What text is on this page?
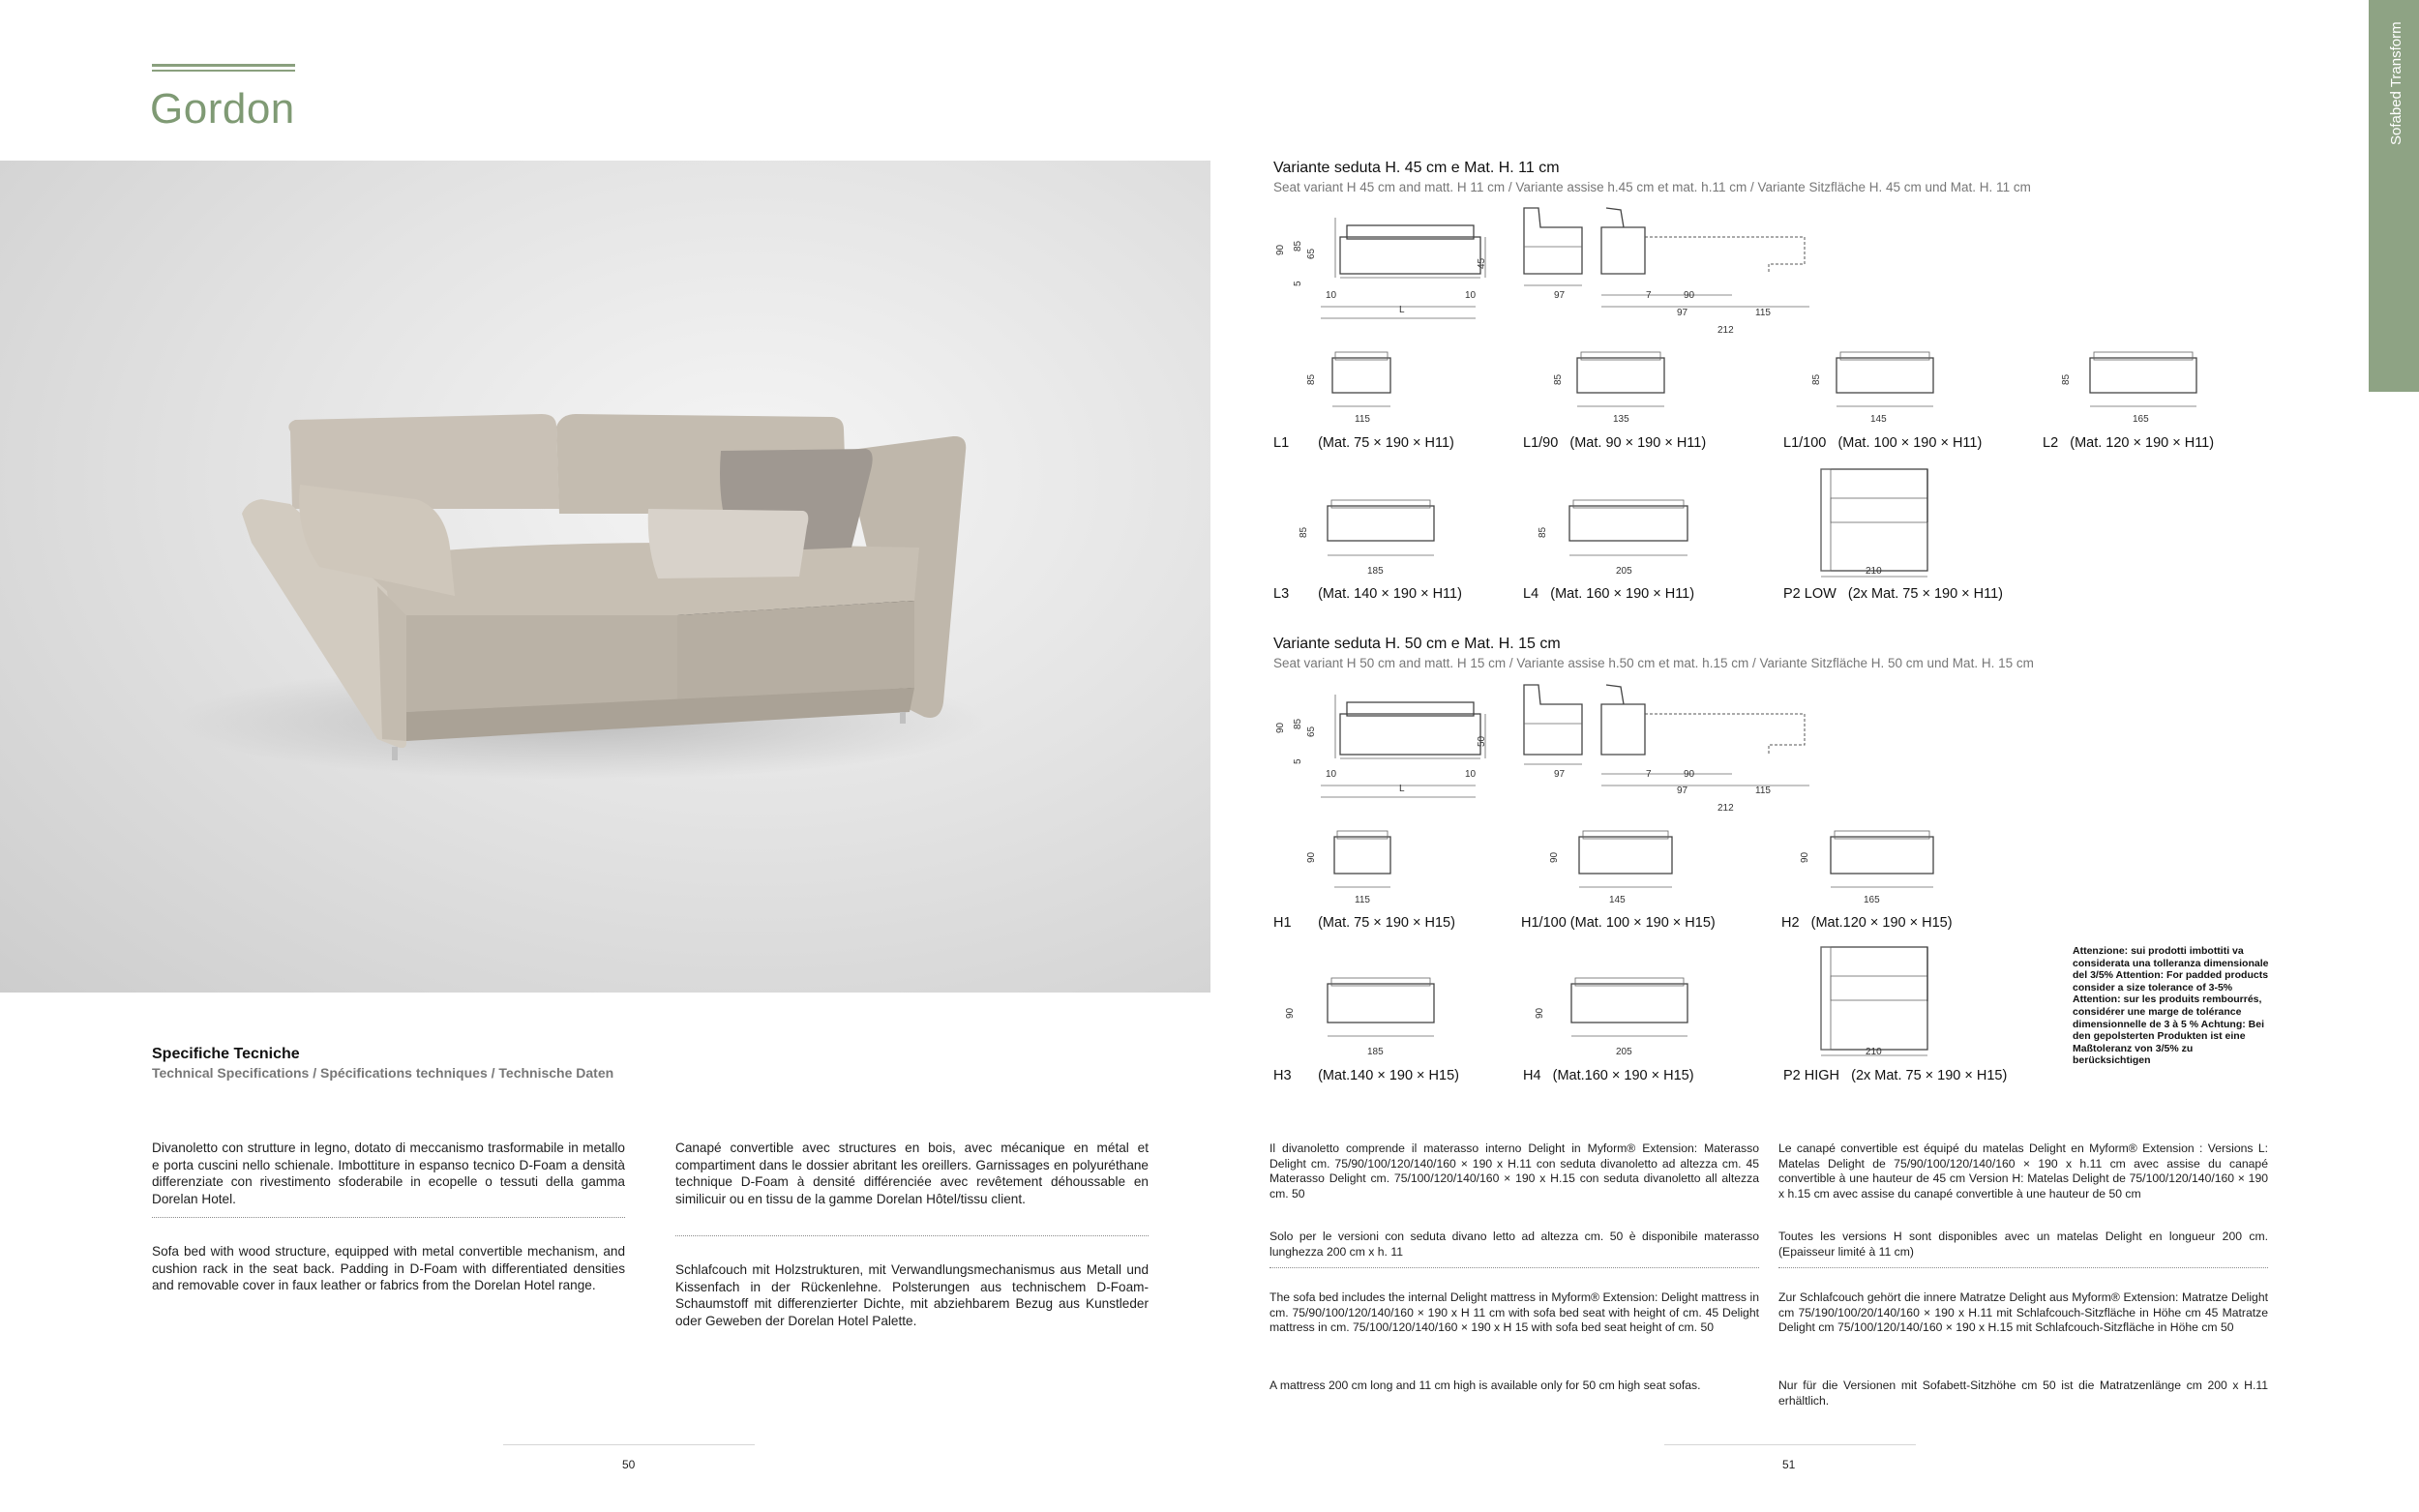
Gordon
Specifiche Tecniche
Technical Specifications / Spécifications techniques / Technische Daten
Divanoletto con strutture in legno, dotato di meccanismo trasformabile in metallo e porta cuscini nello schienale. Imbottiture in espanso tecnico D-Foam a densità differenziate con rivestimento sfoderabile in ecopelle o tessuti della gamma Dorelan Hotel.
Sofa bed with wood structure, equipped with metal convertible mechanism, and cushion rack in the seat back. Padding in D-Foam with differentiated densities and removable cover in faux leather or fabrics from the Dorelan Hotel range.
Canapé convertible avec structures en bois, avec mécanique en métal et compartiment dans le dossier abritant les oreillers. Garnissages en polyuréthane technique D-Foam à densité différenciée avec revêtement déhoussable en similicuir ou en tissu de la gamme Dorelan Hôtel/tissu client.
Schlafcouch mit Holzstrukturen, mit Verwandlungsmechanismus aus Metall und Kissenfach in der Rückenlehne. Polsterungen aus technischem D-Foam-Schaumstoff mit differenzierter Dichte, mit abziehbarem Bezug aus Kunstleder oder Geweben der Dorelan Hotel Palette.
50
Sofabed Transform
Variante seduta H. 45 cm e Mat. H. 11 cm
Seat variant H 45 cm and matt. H 11 cm / Variante assise h.45 cm et mat. h.11 cm / Variante Sitzfläche H. 45 cm und Mat. H. 11 cm
90 85
65
5
45
10	10
L
97	7	90
97	115
212
85
115
85
135
85
145
85
165
L1 (Mat. 75 × 190 × H11)	L1/90 (Mat. 90 × 190 × H11)	L1/100 (Mat. 100 × 190 × H11)	L2 (Mat. 120 × 190 × H11)
85
185
85
205	210
L3 (Mat. 140 × 190 × H11)	L4 (Mat. 160 × 190 × H11)	P2 LOW (2x Mat. 75 × 190 × H11)
Variante seduta H. 50 cm e Mat. H. 15 cm
Seat variant H 50 cm and matt. H 15 cm / Variante assise h.50 cm et mat. h.15 cm / Variante Sitzfläche H. 50 cm und Mat. H. 15 cm
90 85
65
5
50
10	10
L
97	7	90
97	115
212
90
115
90
145
90
165
H1 (Mat. 75 × 190 × H15)	H1/100 (Mat. 100 × 190 × H15)	H2 (Mat.120 × 190 × H15)
90
185
90
205	210
H3 (Mat.140 × 190 × H15)	H4 (Mat.160 × 190 × H15)	P2 HIGH (2x Mat. 75 × 190 × H15)
Attenzione: sui prodotti imbottiti va considerata una tolleranza dimensionale del 3/5% Attention: For padded products consider a size tolerance of 3-5% Attention: sur les produits rembourrés, considérer une marge de tolérance dimensionnelle de 3 à 5 % Achtung: Bei den gepolsterten Produkten ist eine Maßtoleranz von 3/5% zu berücksichtigen
Il divanoletto comprende il materasso interno Delight in Myform® Extension: Materasso Delight cm. 75/90/100/120/140/160 × 190 x H.11 con seduta divanoletto ad altezza cm. 45 Materasso Delight cm. 75/100/120/140/160 × 190 x H.15 con seduta divanoletto all altezza cm. 50
Solo per le versioni con seduta divano letto ad altezza cm. 50 è disponibile materasso lunghezza 200 cm x h. 11
The sofa bed includes the internal Delight mattress in Myform® Extension: Delight mattress in cm. 75/90/100/120/140/160 × 190 x H 11 cm with sofa bed seat with height of cm. 45 Delight mattress in cm. 75/100/120/140/160 × 190 x H 15 with sofa bed seat height of cm. 50
A mattress 200 cm long and 11 cm high is available only for 50 cm high seat sofas.
Le canapé convertible est équipé du matelas Delight en Myform® Extension : Versions L: Matelas Delight de 75/90/100/120/140/160 × 190 x h.11 cm avec assise du canapé convertible à une hauteur de 45 cm Version H: Matelas Delight de 75/100/120/140/160 × 190 x h.15 cm avec assise du canapé convertible à une hauteur de 50 cm
Toutes les versions H sont disponibles avec un matelas Delight en longueur 200 cm. (Epaisseur limité à 11 cm)
Zur Schlafcouch gehört die innere Matratze Delight aus Myform® Extension: Matratze Delight cm 75/190/100/20/140/160 × 190 x H.11 mit Schlafcouch-Sitzfläche in Höhe cm 45 Matratze Delight cm 75/100/120/140/160 × 190 x H.15 mit Schlafcouch-Sitzfläche in Höhe cm 50
Nur für die Versionen mit Sofabett-Sitzhöhe cm 50 ist die Matratzenlänge cm 200 x H.11 erhältlich.
51
